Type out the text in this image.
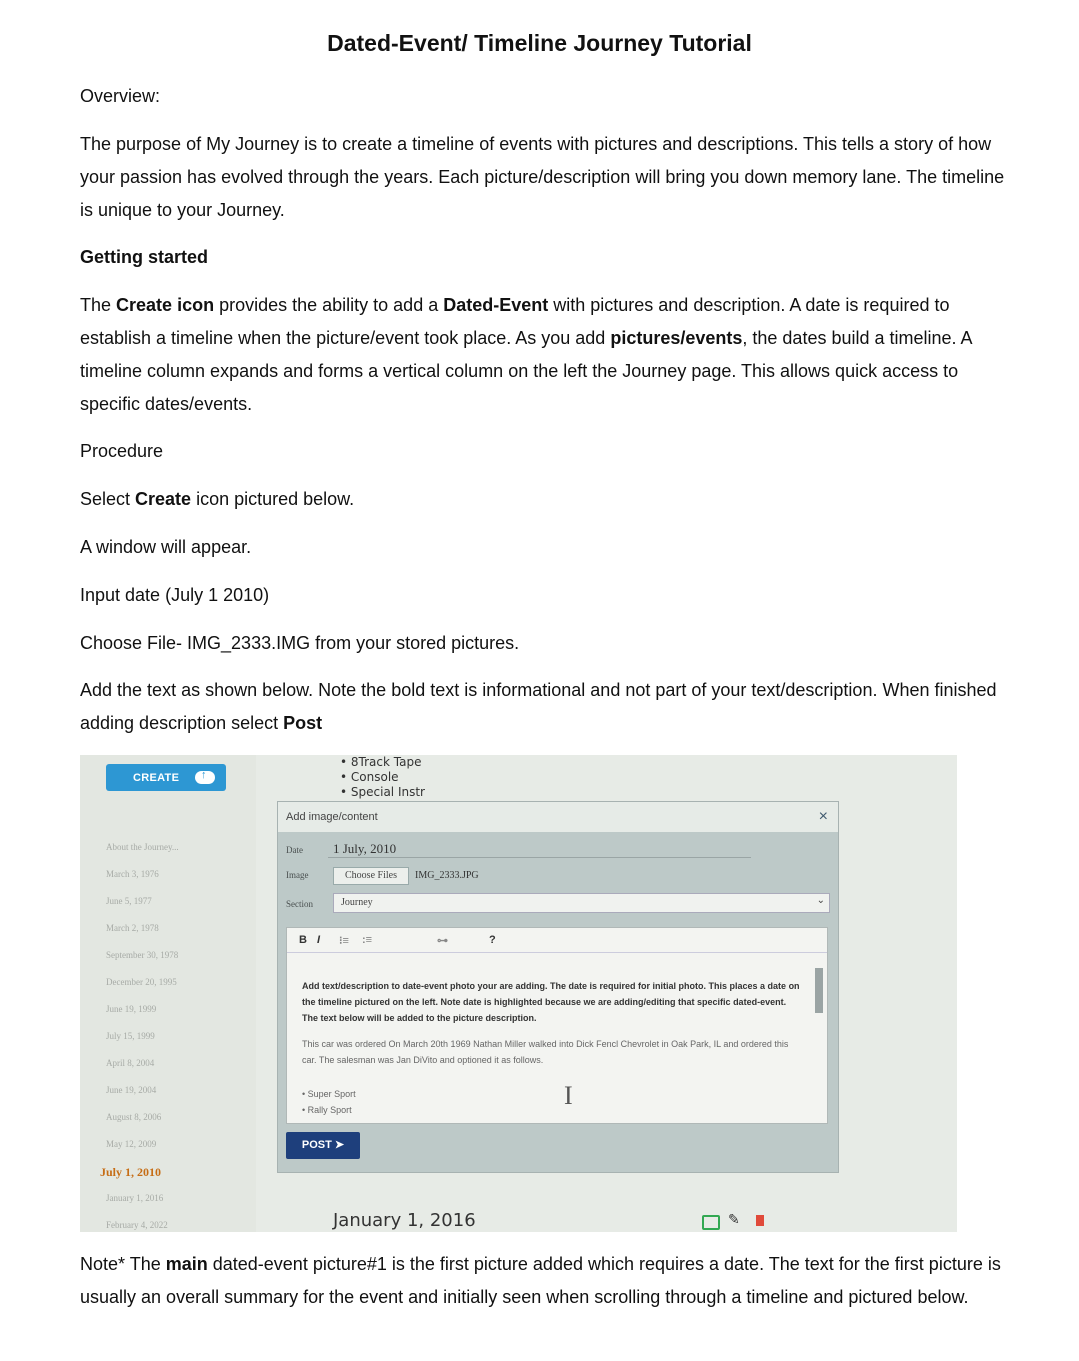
Dated-Event/ Timeline Journey Tutorial
Overview:
The purpose of My Journey is to create a timeline of events with pictures and descriptions. This tells a story of how your passion has evolved through the years. Each picture/description will bring you down memory lane. The timeline is unique to your Journey.
Getting started
The Create icon provides the ability to add a Dated-Event with pictures and description. A date is required to establish a timeline when the picture/event took place. As you add pictures/events, the dates build a timeline. A timeline column expands and forms a vertical column on the left the Journey page. This allows quick access to specific dates/events.
Procedure
Select Create icon pictured below.
A window will appear.
Input date (July 1 2010)
Choose File- IMG_2333.IMG from your stored pictures.
Add the text as shown below. Note the bold text is informational and not part of your text/description. When finished adding description select Post
CREATE
↑
About the Journey...
March 3, 1976
June 5, 1977
March 2, 1978
September 30, 1978
December 20, 1995
June 19, 1999
July 15, 1999
April 8, 2004
June 19, 2004
August 8, 2006
May 12, 2009
July 1, 2010
January 1, 2016
February 4, 2022
• 8Track Tape
• Console
• Special Instr
Add image/content	×
Date 1 July, 2010
Image	Choose Files	IMG_2333.JPG
Section	Journey	⌄
B I ⁝≡ :≡	⊶	?
Add text/description to date-event photo your are adding. The date is required for initial photo. This places a date on the timeline pictured on the left. Note date is highlighted because we are adding/editing that specific dated-event. The text below will be added to the picture description.
This car was ordered On March 20th 1969 Nathan Miller walked into Dick Fencl Chevrolet in Oak Park, IL and ordered this car. The salesman was Jan DiVito and optioned it as follows.
• Super Sport
• Rally Sport	I
POST ➤
January 1, 2016	✎
Note* The main dated-event picture#1 is the first picture added which requires a date. The text for the first picture is usually an overall summary for the event and initially seen when scrolling through a timeline and pictured below.
